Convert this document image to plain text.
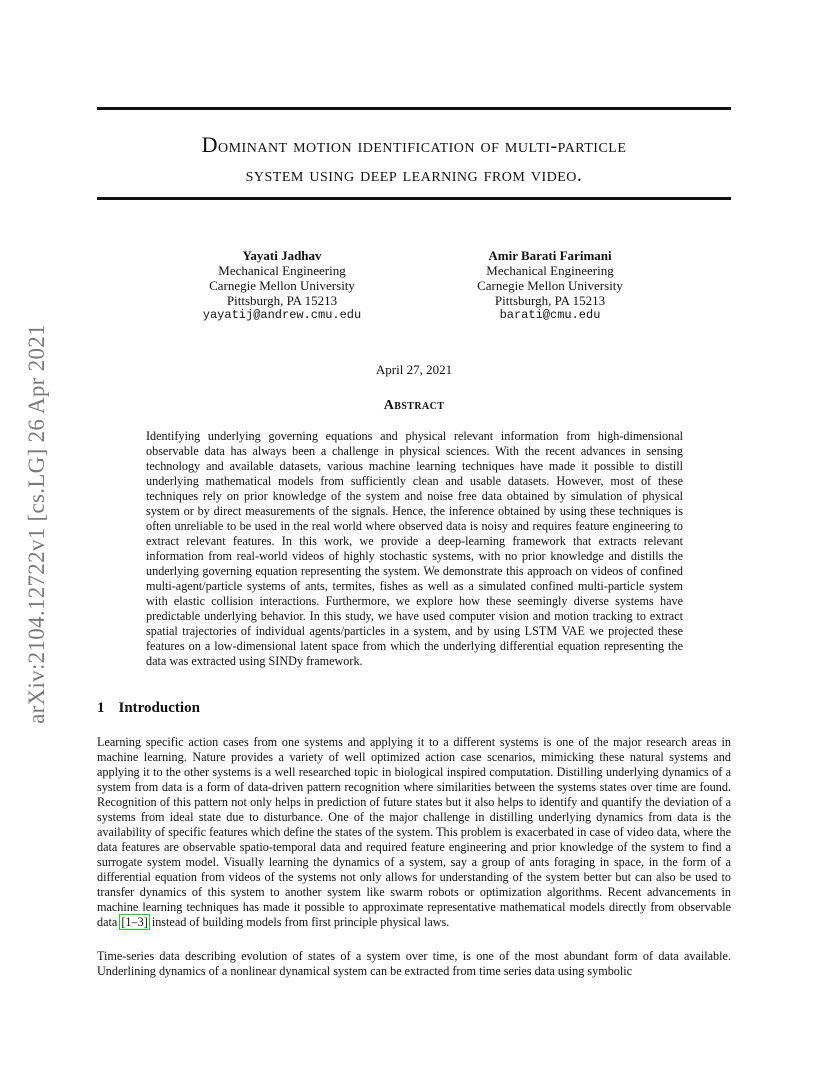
arXiv:2104.12722v1 [cs.LG] 26 Apr 2021
Dominant motion identification of multi-particle
system using deep learning from video.
Yayati Jadhav
Mechanical Engineering
Carnegie Mellon University
Pittsburgh, PA 15213
yayatij@andrew.cmu.edu
Amir Barati Farimani
Mechanical Engineering
Carnegie Mellon University
Pittsburgh, PA 15213
barati@cmu.edu
April 27, 2021
Abstract
Identifying underlying governing equations and physical relevant information from high-dimensional observable data has always been a challenge in physical sciences. With the recent advances in sensing technology and available datasets, various machine learning techniques have made it possible to distill underlying mathematical models from sufficiently clean and usable datasets. However, most of these techniques rely on prior knowledge of the system and noise free data obtained by simulation of physical system or by direct measurements of the signals. Hence, the inference obtained by using these techniques is often unreliable to be used in the real world where observed data is noisy and requires feature engineering to extract relevant features. In this work, we provide a deep-learning framework that extracts relevant information from real-world videos of highly stochastic systems, with no prior knowledge and distills the underlying governing equation representing the system. We demonstrate this approach on videos of confined multi-agent/particle systems of ants, termites, fishes as well as a simulated confined multi-particle system with elastic collision interactions. Furthermore, we explore how these seemingly diverse systems have predictable underlying behavior. In this study, we have used computer vision and motion tracking to extract spatial trajectories of individual agents/particles in a system, and by using LSTM VAE we projected these features on a low-dimensional latent space from which the underlying differential equation representing the data was extracted using SINDy framework.
1 Introduction
Learning specific action cases from one systems and applying it to a different systems is one of the major research areas in machine learning. Nature provides a variety of well optimized action case scenarios, mimicking these natural systems and applying it to the other systems is a well researched topic in biological inspired computation. Distilling underlying dynamics of a system from data is a form of data-driven pattern recognition where similarities between the systems states over time are found. Recognition of this pattern not only helps in prediction of future states but it also helps to identify and quantify the deviation of a systems from ideal state due to disturbance. One of the major challenge in distilling underlying dynamics from data is the availability of specific features which define the states of the system. This problem is exacerbated in case of video data, where the data features are observable spatio-temporal data and required feature engineering and prior knowledge of the system to find a surrogate system model. Visually learning the dynamics of a system, say a group of ants foraging in space, in the form of a differential equation from videos of the systems not only allows for understanding of the system better but can also be used to transfer dynamics of this system to another system like swarm robots or optimization algorithms. Recent advancements in machine learning techniques has made it possible to approximate representative mathematical models directly from observable data [1–3] instead of building models from first principle physical laws.
Time-series data describing evolution of states of a system over time, is one of the most abundant form of data available. Underlining dynamics of a nonlinear dynamical system can be extracted from time series data using symbolic
